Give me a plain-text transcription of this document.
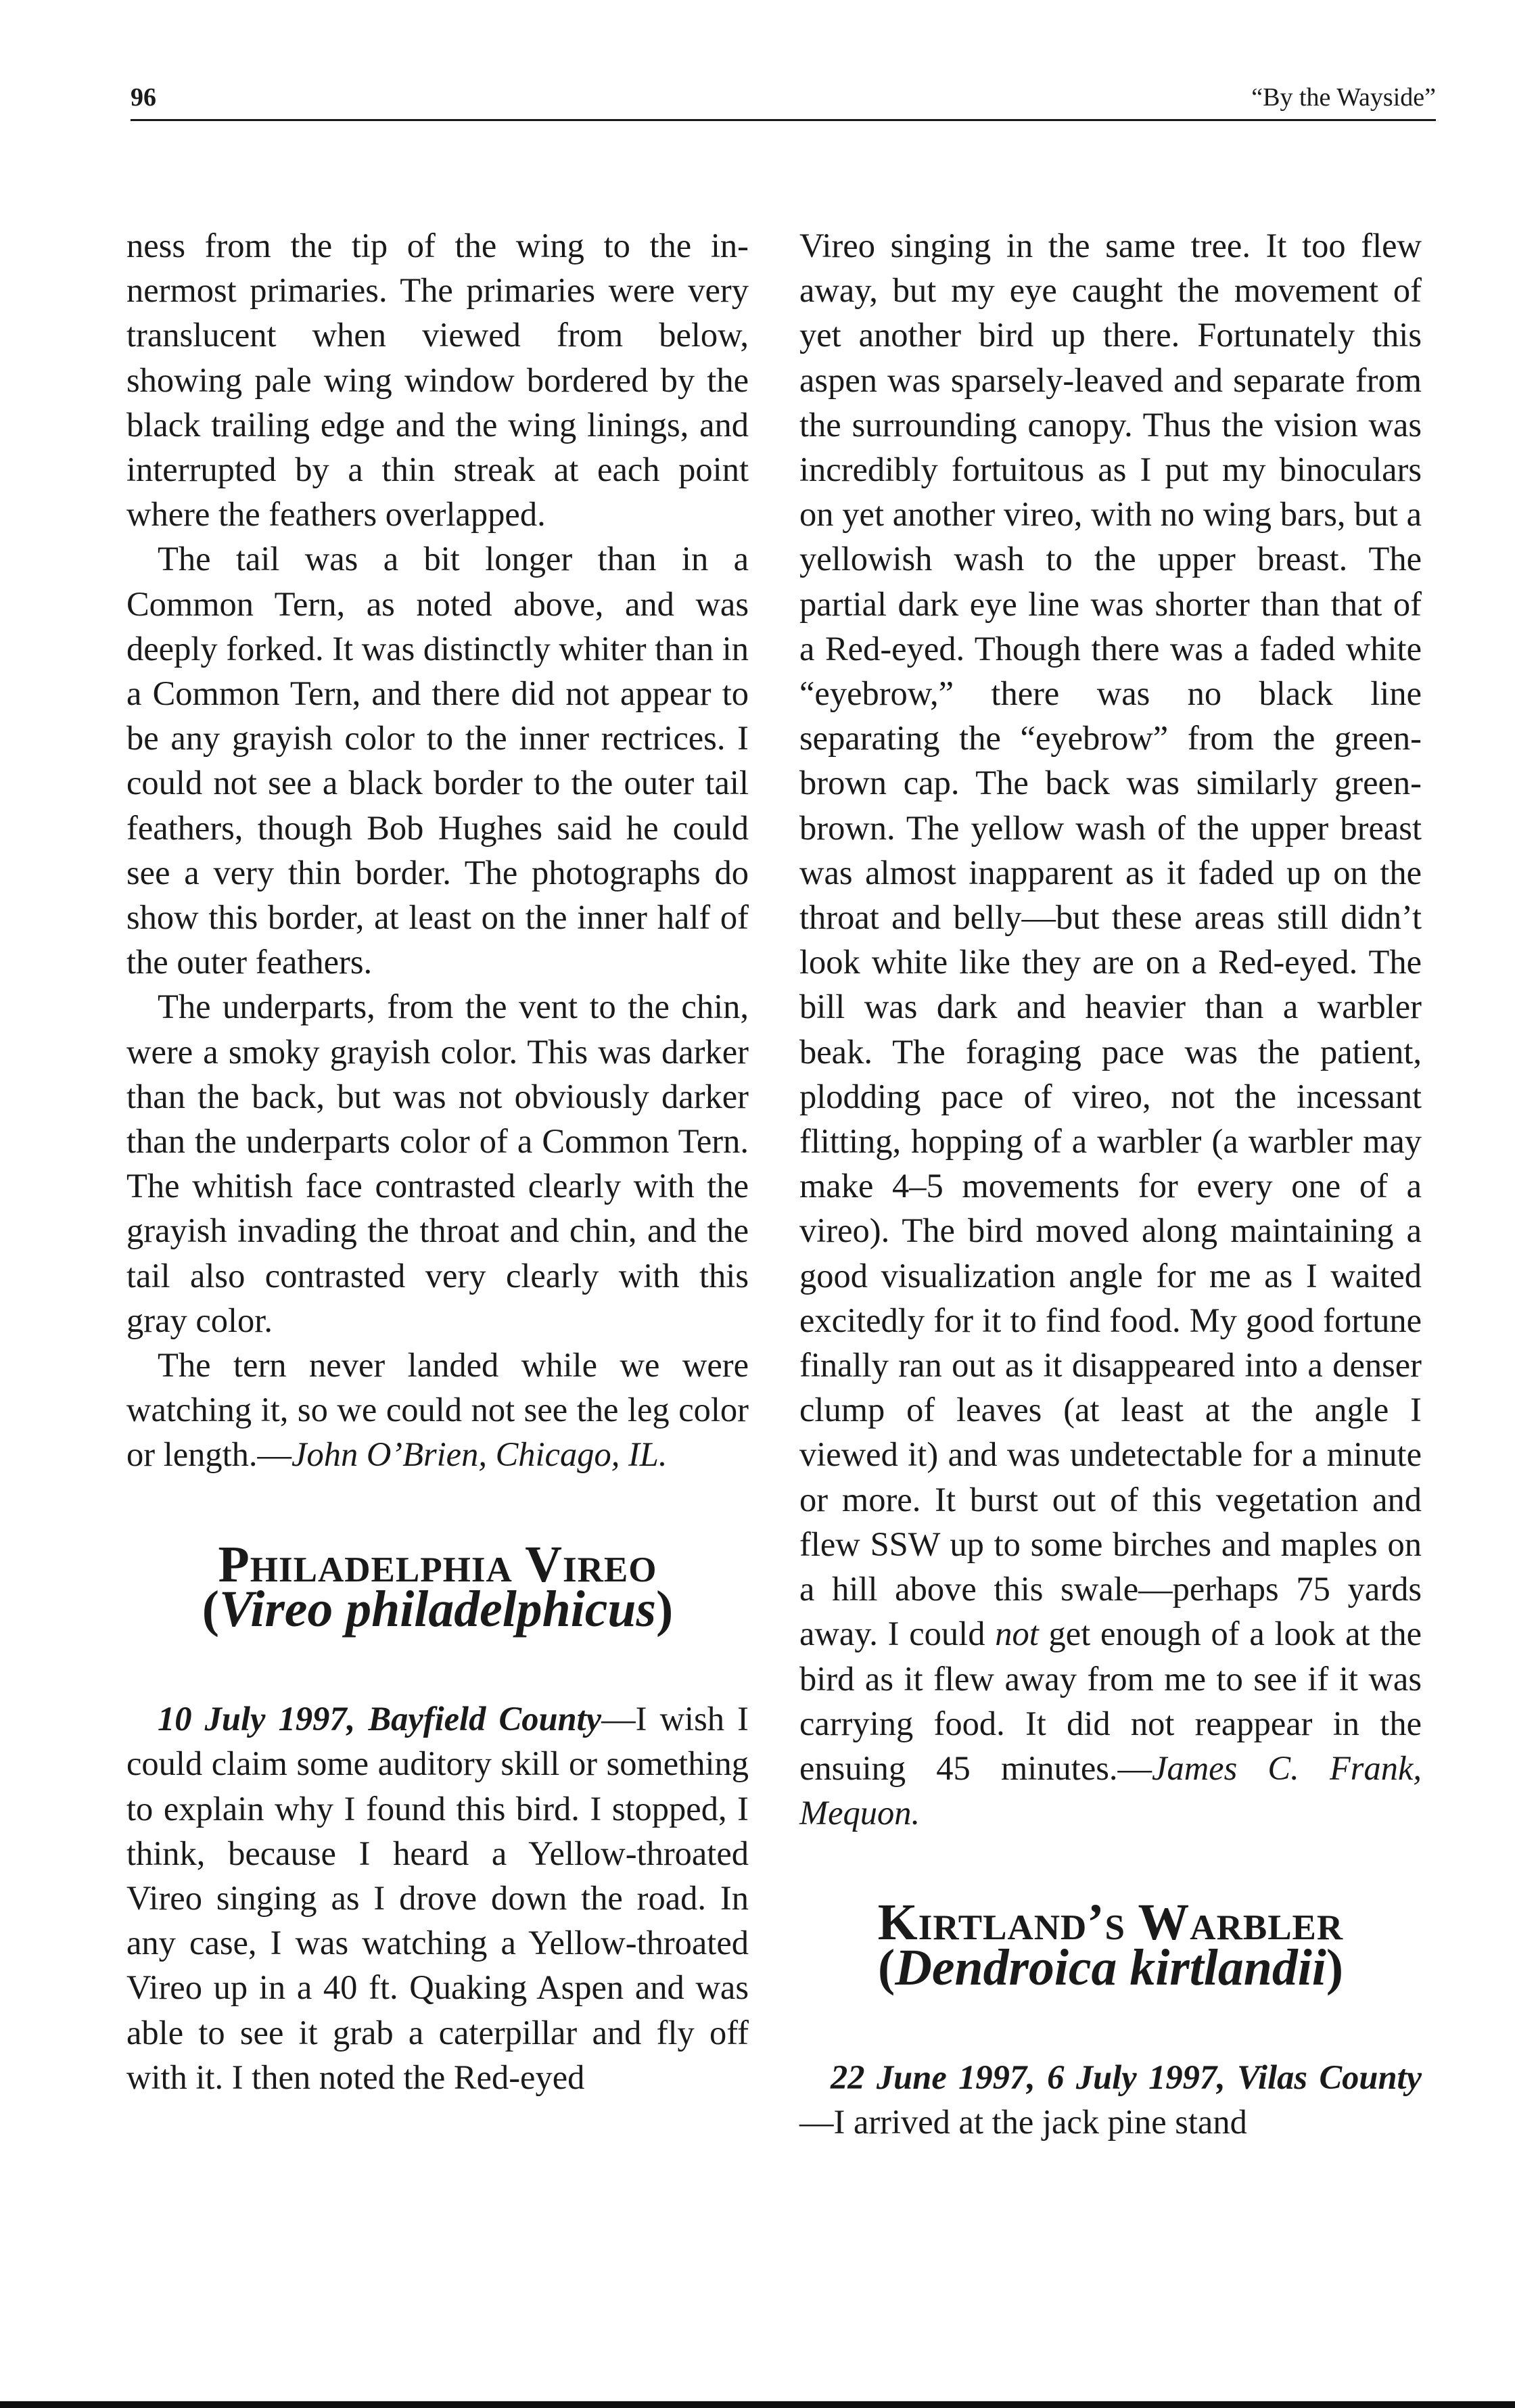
96	“By the Wayside”

ness from the tip of the wing to the innermost primaries. The primaries were very translucent when viewed from below, showing pale wing window bordered by the black trailing edge and the wing linings, and interrupted by a thin streak at each point where the feathers overlapped.

The tail was a bit longer than in a Common Tern, as noted above, and was deeply forked. It was distinctly whiter than in a Common Tern, and there did not appear to be any grayish color to the inner rectrices. I could not see a black border to the outer tail feathers, though Bob Hughes said he could see a very thin border. The photographs do show this border, at least on the inner half of the outer feathers.

The underparts, from the vent to the chin, were a smoky grayish color. This was darker than the back, but was not obviously darker than the underparts color of a Common Tern. The whitish face contrasted clearly with the grayish invading the throat and chin, and the tail also contrasted very clearly with this gray color.

The tern never landed while we were watching it, so we could not see the leg color or length.—John O’Brien, Chicago, IL.

Philadelphia Vireo
(Vireo philadelphicus)

10 July 1997, Bayfield County—I wish I could claim some auditory skill or something to explain why I found this bird. I stopped, I think, because I heard a Yellow-throated Vireo singing as I drove down the road. In any case, I was watching a Yellow-throated Vireo up in a 40 ft. Quaking Aspen and was able to see it grab a caterpillar and fly off with it. I then noted the Red-eyed

Vireo singing in the same tree. It too flew away, but my eye caught the movement of yet another bird up there. Fortunately this aspen was sparsely-leaved and separate from the surrounding canopy. Thus the vision was incredibly fortuitous as I put my binoculars on yet another vireo, with no wing bars, but a yellowish wash to the upper breast. The partial dark eye line was shorter than that of a Red-eyed. Though there was a faded white “eyebrow,” there was no black line separating the “eyebrow” from the green-brown cap. The back was similarly green-brown. The yellow wash of the upper breast was almost inapparent as it faded up on the throat and belly—but these areas still didn’t look white like they are on a Red-eyed. The bill was dark and heavier than a warbler beak. The foraging pace was the patient, plodding pace of vireo, not the incessant flitting, hopping of a warbler (a warbler may make 4–5 movements for every one of a vireo). The bird moved along maintaining a good visualization angle for me as I waited excitedly for it to find food. My good fortune finally ran out as it disappeared into a denser clump of leaves (at least at the angle I viewed it) and was undetectable for a minute or more. It burst out of this vegetation and flew SSW up to some birches and maples on a hill above this swale—perhaps 75 yards away. I could not get enough of a look at the bird as it flew away from me to see if it was carrying food. It did not reappear in the ensuing 45 minutes.—James C. Frank, Mequon.

Kirtland’s Warbler
(Dendroica kirtlandii)

22 June 1997, 6 July 1997, Vilas County—I arrived at the jack pine stand
